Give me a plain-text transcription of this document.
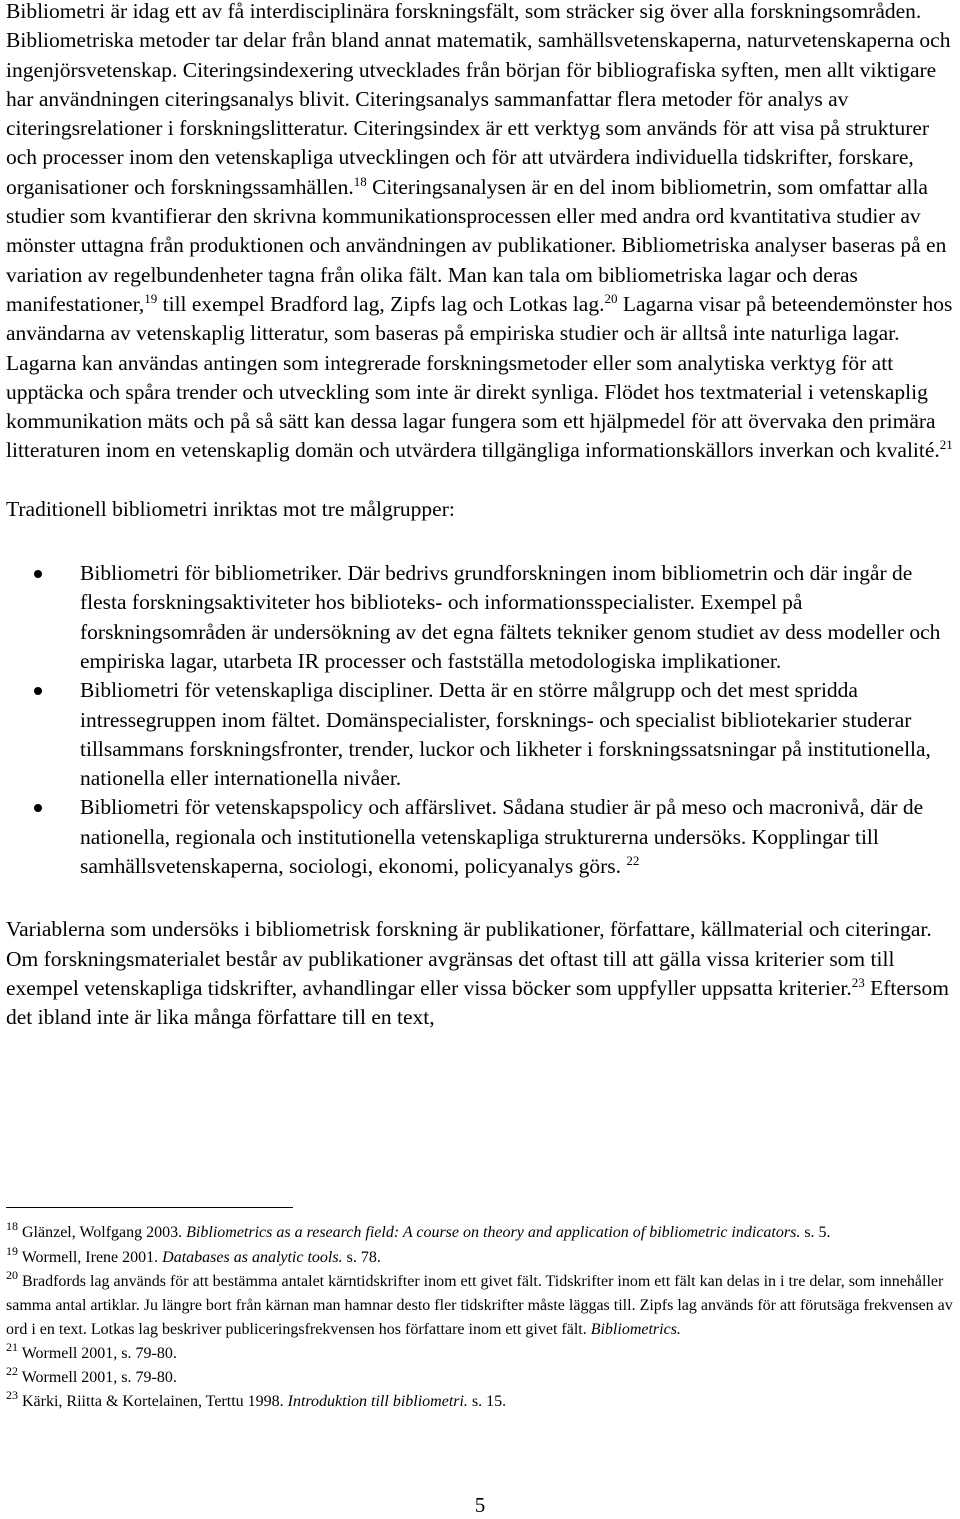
Bibliometri är idag ett av få interdisciplinära forskningsfält, som sträcker sig över alla forskningsområden. Bibliometriska metoder tar delar från bland annat matematik, samhällsvetenskaperna, naturvetenskaperna och ingenjörsvetenskap. Citeringsindexering utvecklades från början för bibliografiska syften, men allt viktigare har användningen citeringsanalys blivit. Citeringsanalys sammanfattar flera metoder för analys av citeringsrelationer i forskningslitteratur. Citeringsindex är ett verktyg som används för att visa på strukturer och processer inom den vetenskapliga utvecklingen och för att utvärdera individuella tidskrifter, forskare, organisationer och forskningssamhällen.$^{18}$ Citeringsanalysen är en del inom bibliometrin, som omfattar alla studier som kvantifierar den skrivna kommunikationsprocessen eller med andra ord kvantitativa studier av mönster uttagna från produktionen och användningen av publikationer. Bibliometriska analyser baseras på en variation av regelbundenheter tagna från olika fält. Man kan tala om bibliometriska lagar och deras manifestationer,$^{19}$ till exempel Bradford lag, Zipfs lag och Lotkas lag.$^{20}$ Lagarna visar på beteendemönster hos användarna av vetenskaplig litteratur, som baseras på empiriska studier och är alltså inte naturliga lagar. Lagarna kan användas antingen som integrerade forskningsmetoder eller som analytiska verktyg för att upptäcka och spåra trender och utveckling som inte är direkt synliga. Flödet hos textmaterial i vetenskaplig kommunikation mäts och på så sätt kan dessa lagar fungera som ett hjälpmedel för att övervaka den primära litteraturen inom en vetenskaplig domän och utvärdera tillgängliga informationskällors inverkan och kvalité.$^{21}$

Traditionell bibliometri inriktas mot tre målgrupper:

Bibliometri för bibliometriker. Där bedrivs grundforskningen inom bibliometrin och där ingår de flesta forskningsaktiviteter hos biblioteks- och informationsspecialister. Exempel på forskningsområden är undersökning av det egna fältets tekniker genom studiet av dess modeller och empiriska lagar, utarbeta IR processer och fastställa metodologiska implikationer.
Bibliometri för vetenskapliga discipliner. Detta är en större målgrupp och det mest spridda intressegruppen inom fältet. Domänspecialister, forsknings- och specialist bibliotekarier studerar tillsammans forskningsfronter, trender, luckor och likheter i forskningssatsningar på institutionella, nationella eller internationella nivåer.
Bibliometri för vetenskapspolicy och affärslivet. Sådana studier är på meso och macronivå, där de nationella, regionala och institutionella vetenskapliga strukturerna undersöks. Kopplingar till samhällsvetenskaperna, sociologi, ekonomi, policyanalys görs. $^{22}$

Variablerna som undersöks i bibliometrisk forskning är publikationer, författare, källmaterial och citeringar. Om forskningsmaterialet består av publikationer avgränsas det oftast till att gälla vissa kriterier som till exempel vetenskapliga tidskrifter, avhandlingar eller vissa böcker som uppfyller uppsatta kriterier.$^{23}$ Eftersom det ibland inte är lika många författare till en text,

$^{18}$ Glänzel, Wolfgang 2003. Bibliometrics as a research field: A course on theory and application of bibliometric indicators. s. 5.

$^{19}$ Wormell, Irene 2001. Databases as analytic tools. s. 78.

$^{20}$ Bradfords lag används för att bestämma antalet kärntidskrifter inom ett givet fält. Tidskrifter inom ett fält kan delas in i tre delar, som innehåller samma antal artiklar. Ju längre bort från kärnan man hamnar desto fler tidskrifter måste läggas till. Zipfs lag används för att förutsäga frekvensen av ord i en text. Lotkas lag beskriver publiceringsfrekvensen hos författare inom ett givet fält. Bibliometrics.

$^{21}$ Wormell 2001, s. 79-80.

$^{22}$ Wormell 2001, s. 79-80.

$^{23}$ Kärki, Riitta & Kortelainen, Terttu 1998. Introduktion till bibliometri. s. 15.

5
